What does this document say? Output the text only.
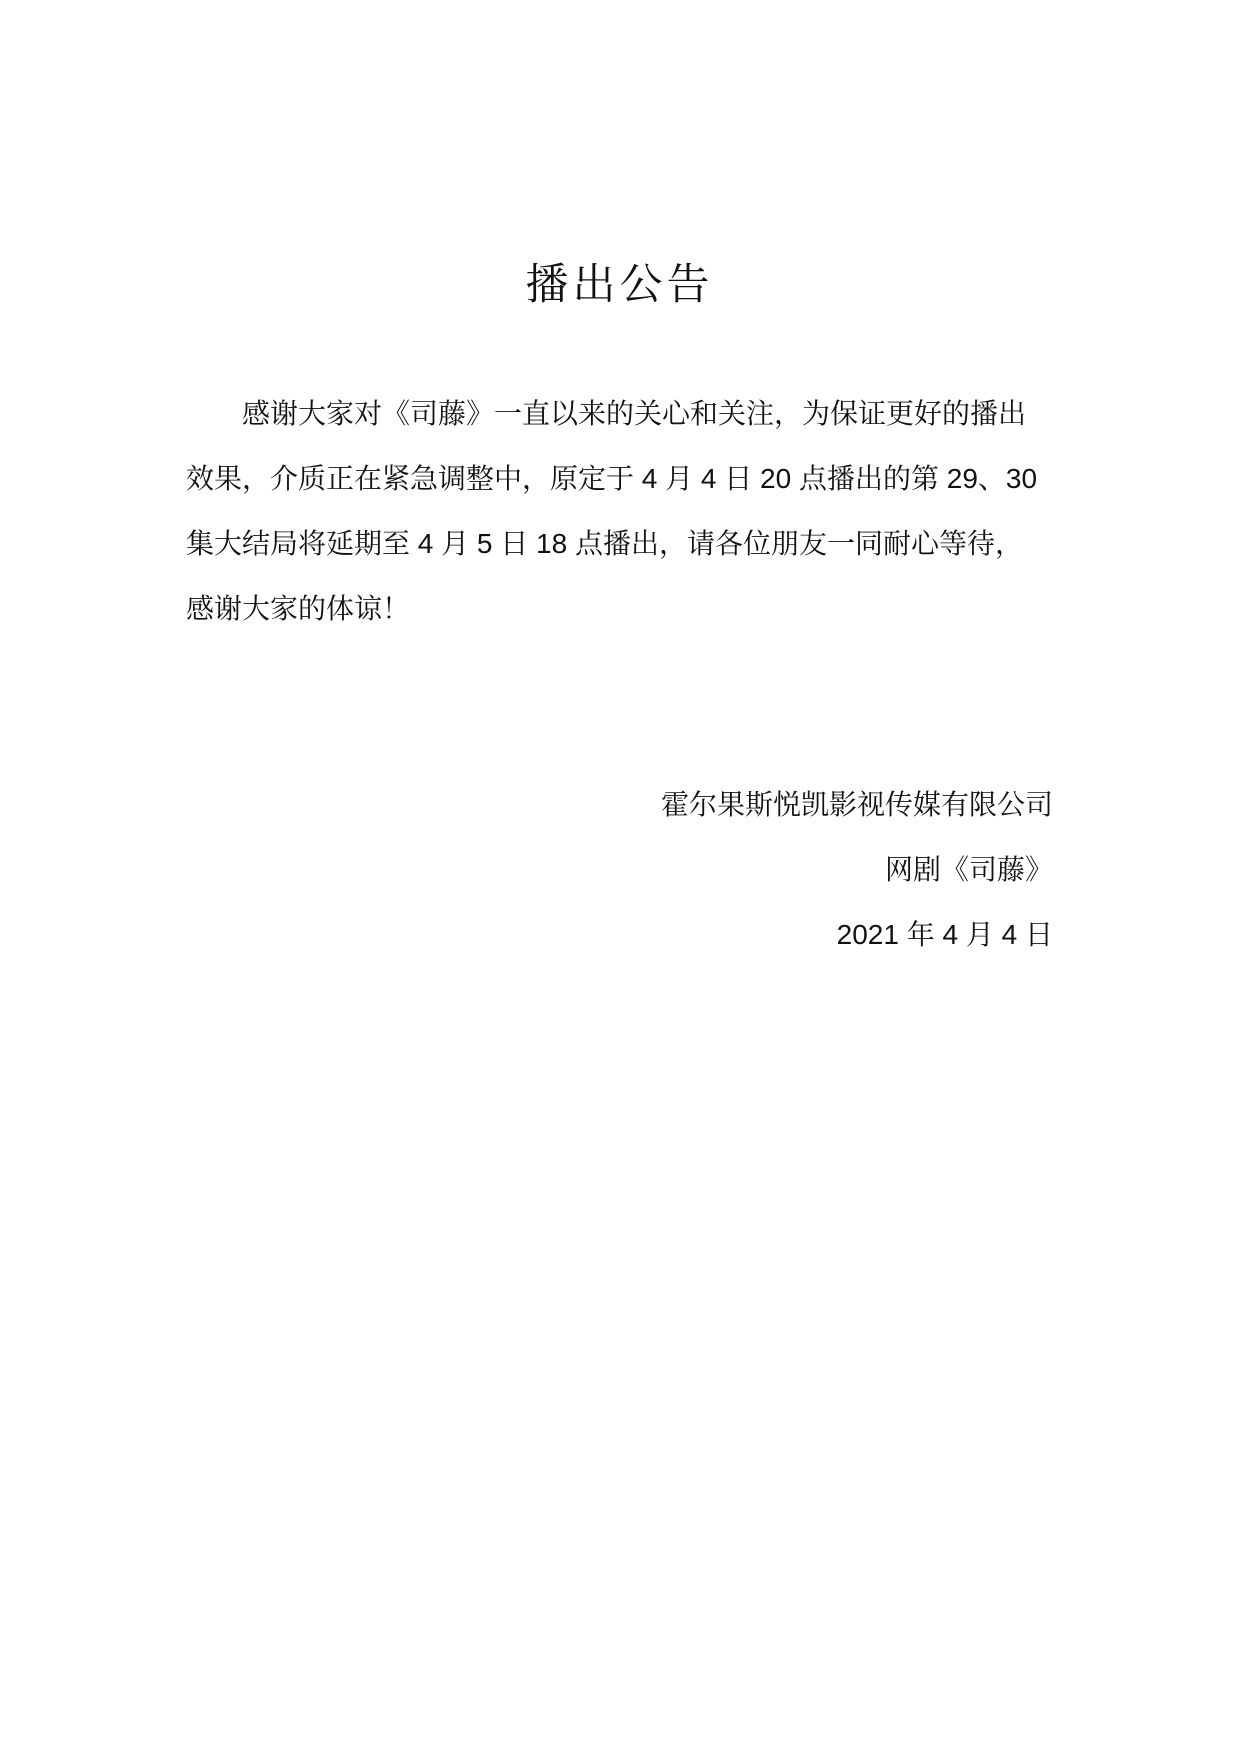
播出公告
感谢大家对《司藤》一直以来的关心和关注，为保证更好的播出
效果，介质正在紧急调整中，原定于 4 月 4 日 20 点播出的第 29、30
集大结局将延期至 4 月 5 日 18 点播出，请各位朋友一同耐心等待，
感谢大家的体谅！
霍尔果斯悦凯影视传媒有限公司
网剧《司藤》
2021 年 4 月 4 日
